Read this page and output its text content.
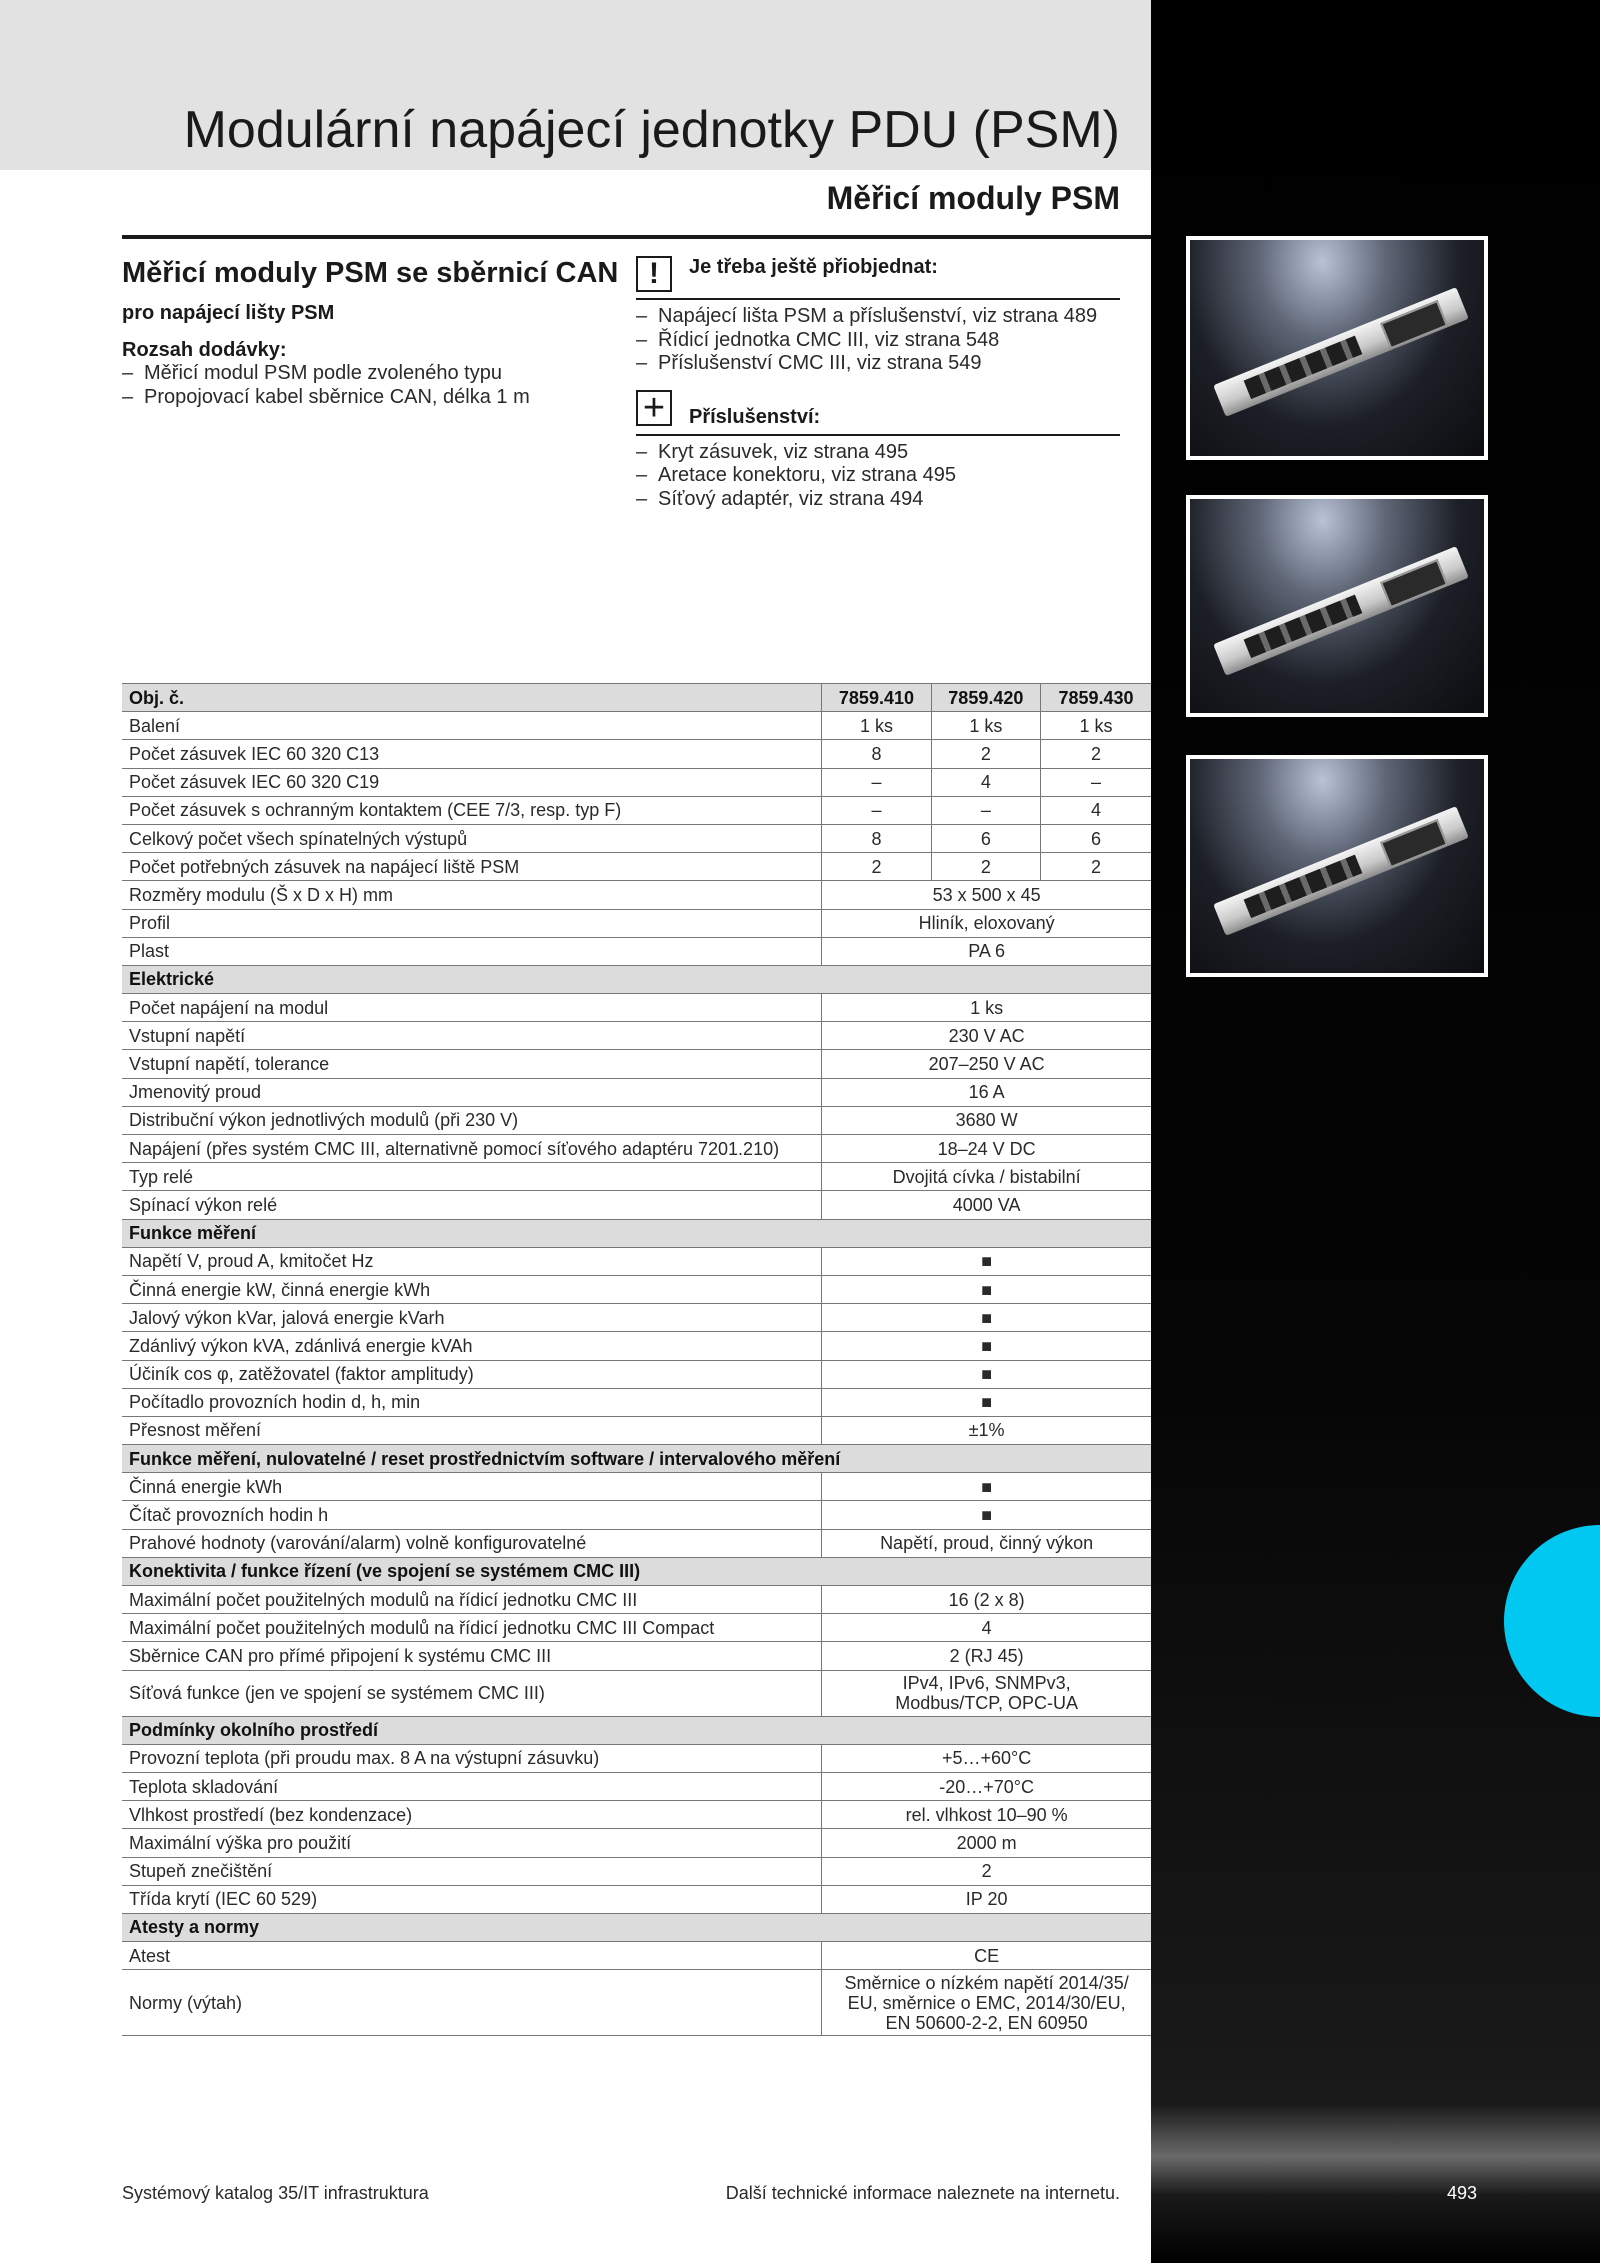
Modulární napájecí jednotky PDU (PSM)
Měřicí moduly PSM
Měřicí moduly PSM se sběrnicí CAN

pro napájecí lišty PSM

Rozsah dodávky:

– Měřicí modul PSM podle zvoleného typu
– Propojovací kabel sběrnice CAN, délka 1 m
!	Je třeba ještě přiobjednat:
– Napájecí lišta PSM a příslušenství, viz strana 489
– Řídicí jednotka CMC III, viz strana 548
– Příslušenství CMC III, viz strana 549
+	Příslušenství:
– Kryt zásuvek, viz strana 495
– Aretace konektoru, viz strana 495
– Síťový adaptér, viz strana 494
Obj. č.	7859.410	7859.420	7859.430
Balení	1 ks	1 ks	1 ks
Počet zásuvek IEC 60 320 C13	8	2	2
Počet zásuvek IEC 60 320 C19	–	4	–
Počet zásuvek s ochranným kontaktem (CEE 7/3, resp. typ F)	–	–	4
Celkový počet všech spínatelných výstupů	8	6	6
Počet potřebných zásuvek na napájecí liště PSM	2	2	2
Rozměry modulu (Š x D x H) mm	53 x 500 x 45		
Profil	Hliník, eloxovaný		
Plast	PA 6		
Elektrické			
Počet napájení na modul	1 ks		
Vstupní napětí	230 V AC		
Vstupní napětí, tolerance	207–250 V AC		
Jmenovitý proud	16 A		
Distribuční výkon jednotlivých modulů (při 230 V)	3680 W		
Napájení (přes systém CMC III, alternativně pomocí síťového adaptéru 7201.210)	18–24 V DC		
Typ relé	Dvojitá cívka / bistabilní		
Spínací výkon relé	4000 VA		
Funkce měření			
Napětí V, proud A, kmitočet Hz	■		
Činná energie kW, činná energie kWh	■		
Jalový výkon kVar, jalová energie kVarh	■		
Zdánlivý výkon kVA, zdánlivá energie kVAh	■		
Účiník cos φ, zatěžovatel (faktor amplitudy)	■		
Počítadlo provozních hodin d, h, min	■		
Přesnost měření	±1%		
Funkce měření, nulovatelné / reset prostřednictvím software / intervalového měření			
Činná energie kWh	■		
Čítač provozních hodin h	■		
Prahové hodnoty (varování/alarm) volně konfigurovatelné	Napětí, proud, činný výkon		
Konektivita / funkce řízení (ve spojení se systémem CMC III)			
Maximální počet použitelných modulů na řídicí jednotku CMC III	16 (2 x 8)		
Maximální počet použitelných modulů na řídicí jednotku CMC III Compact	4		
Sběrnice CAN pro přímé připojení k systému CMC III	2 (RJ 45)		
Síťová funkce (jen ve spojení se systémem CMC III)	IPv4, IPv6, SNMPv3,
Modbus/TCP, OPC-UA		

Podmínky okolního prostředí			
Provozní teplota (při proudu max. 8 A na výstupní zásuvku)	+5…+60°C		
Teplota skladování	-20…+70°C		
Vlhkost prostředí (bez kondenzace)	rel. vlhkost 10–90 %		
Maximální výška pro použití	2000 m		
Stupeň znečištění	2		
Třída krytí (IEC 60 529)	IP 20		
Atesty a normy			
Atest	CE		
Normy (výtah)	Směrnice o nízkém napětí 2014/35/
EU, směrnice o EMC, 2014/30/EU,
EN 50600-2-2, EN 60950		
Systémový katalog 35/IT infrastruktura	Další technické informace naleznete na internetu.	493
